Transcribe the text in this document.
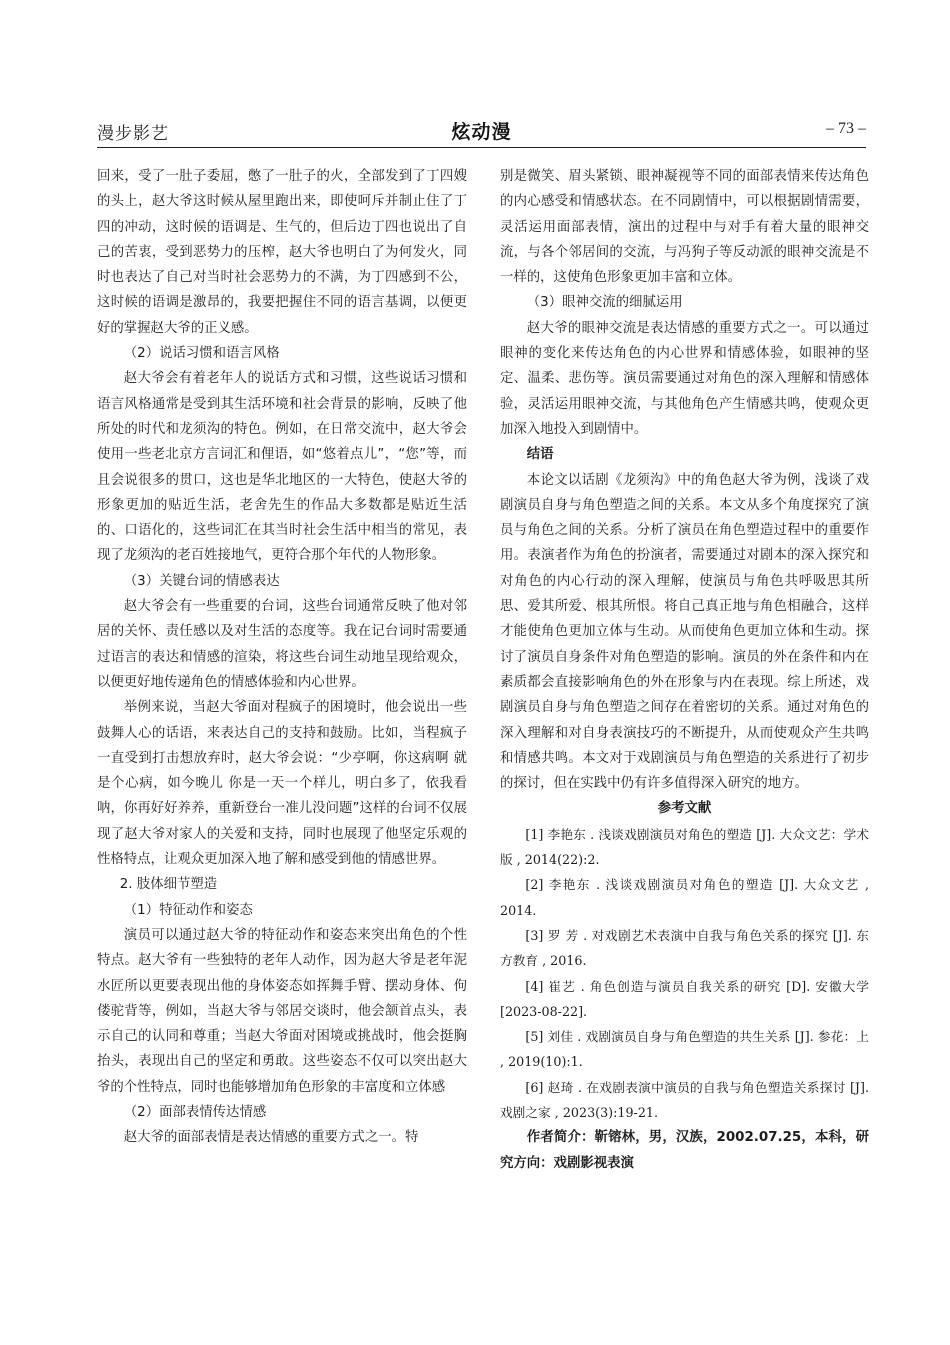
漫步影艺	炫动漫	– 73 –

回来，受了一肚子委屈，憋了一肚子的火，全部发到了丁四嫂的头上，赵大爷这时候从屋里跑出来，即使呵斥并制止住了丁四的冲动，这时候的语调是、生气的，但后边丁四也说出了自己的苦衷，受到恶势力的压榨，赵大爷也明白了为何发火，同时也表达了自己对当时社会恶势力的不满，为丁四感到不公，这时候的语调是激昂的，我要把握住不同的语言基调，以便更好的掌握赵大爷的正义感。

（2）说话习惯和语言风格

赵大爷会有着老年人的说话方式和习惯，这些说话习惯和语言风格通常是受到其生活环境和社会背景的影响，反映了他所处的时代和龙须沟的特色。例如，在日常交流中，赵大爷会使用一些老北京方言词汇和俚语，如“悠着点儿”，“您”等，而且会说很多的贯口，这也是华北地区的一大特色，使赵大爷的形象更加的贴近生活，老舍先生的作品大多数都是贴近生活的、口语化的，这些词汇在其当时社会生活中相当的常见，表现了龙须沟的老百姓接地气，更符合那个年代的人物形象。

（3）关键台词的情感表达

赵大爷会有一些重要的台词，这些台词通常反映了他对邻居的关怀、责任感以及对生活的态度等。我在记台词时需要通过语言的表达和情感的渲染，将这些台词生动地呈现给观众，以便更好地传递角色的情感体验和内心世界。

举例来说，当赵大爷面对程疯子的困境时，他会说出一些鼓舞人心的话语，来表达自己的支持和鼓励。比如，当程疯子一直受到打击想放弃时，赵大爷会说：“少亭啊，你这病啊 就是个心病，如今晚儿 你是一天一个样儿，明白多了，依我看呐，你再好好养养，重新登台一准儿没问题”这样的台词不仅展现了赵大爷对家人的关爱和支持，同时也展现了他坚定乐观的性格特点，让观众更加深入地了解和感受到他的情感世界。

2. 肢体细节塑造

（1）特征动作和姿态

演员可以通过赵大爷的特征动作和姿态来突出角色的个性特点。赵大爷有一些独特的老年人动作，因为赵大爷是老年泥水匠所以更要表现出他的身体姿态如挥舞手臂、摆动身体、佝偻驼背等，例如，当赵大爷与邻居交谈时，他会颔首点头，表示自己的认同和尊重；当赵大爷面对困境或挑战时，他会挺胸抬头，表现出自己的坚定和勇敢。这些姿态不仅可以突出赵大爷的个性特点，同时也能够增加角色形象的丰富度和立体感

（2）面部表情传达情感

赵大爷的面部表情是表达情感的重要方式之一。特

别是微笑、眉头紧锁、眼神凝视等不同的面部表情来传达角色的内心感受和情感状态。在不同剧情中，可以根据剧情需要，灵活运用面部表情，演出的过程中与对手有着大量的眼神交流，与各个邻居间的交流，与冯狗子等反动派的眼神交流是不一样的，这使角色形象更加丰富和立体。

（3）眼神交流的细腻运用

赵大爷的眼神交流是表达情感的重要方式之一。可以通过眼神的变化来传达角色的内心世界和情感体验，如眼神的坚定、温柔、悲伤等。演员需要通过对角色的深入理解和情感体验，灵活运用眼神交流，与其他角色产生情感共鸣，使观众更加深入地投入到剧情中。

结语

本论文以话剧《龙须沟》中的角色赵大爷为例，浅谈了戏剧演员自身与角色塑造之间的关系。本文从多个角度探究了演员与角色之间的关系。分析了演员在角色塑造过程中的重要作用。表演者作为角色的扮演者，需要通过对剧本的深入探究和对角色的内心行动的深入理解，使演员与角色共呼吸思其所思、爱其所爱、根其所恨。将自己真正地与角色相融合，这样才能使角色更加立体与生动。从而使角色更加立体和生动。探讨了演员自身条件对角色塑造的影响。演员的外在条件和内在素质都会直接影响角色的外在形象与内在表现。综上所述，戏剧演员自身与角色塑造之间存在着密切的关系。通过对角色的深入理解和对自身表演技巧的不断提升，从而使观众产生共鸣和情感共鸣。本文对于戏剧演员与角色塑造的关系进行了初步的探讨，但在实践中仍有许多值得深入研究的地方。

参考文献

[1] 李艳东 . 浅谈戏剧演员对角色的塑造 [J]. 大众文艺：学术版 , 2014(22):2.

[2] 李艳东 . 浅谈戏剧演员对角色的塑造 [J]. 大众文艺 , 2014.

[3] 罗 芳 . 对戏剧艺术表演中自我与角色关系的探究 [J]. 东方教育 , 2016.

[4] 崔艺 . 角色创造与演员自我关系的研究 [D]. 安徽大学 [2023-08-22].

[5] 刘佳 . 戏剧演员自身与角色塑造的共生关系 [J]. 参花：上 , 2019(10):1.

[6] 赵琦 . 在戏剧表演中演员的自我与角色塑造关系探讨 [J]. 戏剧之家 , 2023(3):19-21.

作者简介：靳镕林，男，汉族，2002.07.25，本科，研究方向：戏剧影视表演
